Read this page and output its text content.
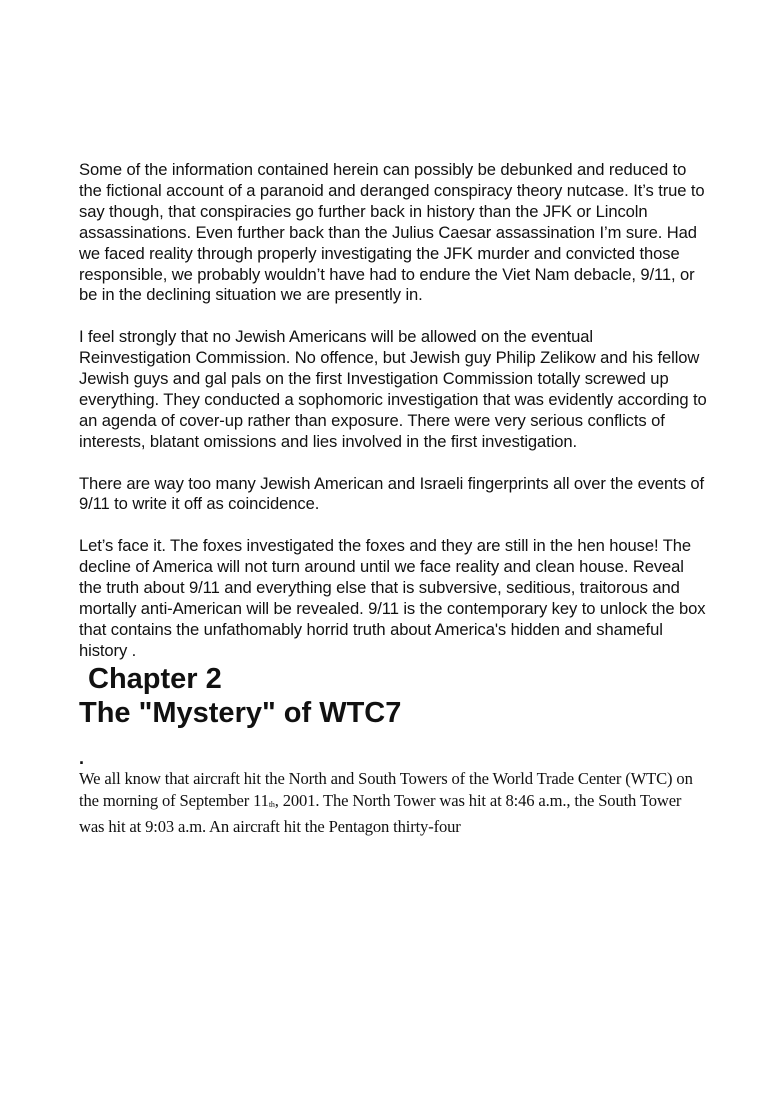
Some of the information contained herein can possibly be debunked and reduced to the fictional account of a paranoid and deranged conspiracy theory nutcase. It’s true to say though, that conspiracies go further back in history than the JFK or Lincoln assassinations. Even further back than the Julius Caesar assassination I’m sure. Had we faced reality through properly investigating the JFK murder and convicted those responsible, we probably wouldn’t have had to endure the Viet Nam debacle, 9/11, or be in the declining situation we are presently in.

I feel strongly that no Jewish Americans will be allowed on the eventual Reinvestigation Commission. No offence, but Jewish guy Philip Zelikow and his fellow Jewish guys and gal pals on the first Investigation Commission totally screwed up everything. They conducted a sophomoric investigation that was evidently according to an agenda of cover-up rather than exposure. There were very serious conflicts of interests, blatant omissions and lies involved in the first investigation.

There are way too many Jewish American and Israeli fingerprints all over the events of 9/11 to write it off as coincidence.

Let’s face it. The foxes investigated the foxes and they are still in the hen house! The decline of America will not turn around until we face reality and clean house. Reveal the truth about 9/11 and everything else that is subversive, seditious, traitorous and mortally anti-American will be revealed. 9/11 is the contemporary key to unlock the box that contains the unfathomably horrid truth about America's hidden and shameful history .

Chapter 2
The "Mystery" of WTC7
.

We all know that aircraft hit the North and South Towers of the World Trade Center (WTC) on the morning of September 11th, 2001. The North Tower was hit at 8:46 a.m., the South Tower was hit at 9:03 a.m. An aircraft hit the Pentagon thirty-four
